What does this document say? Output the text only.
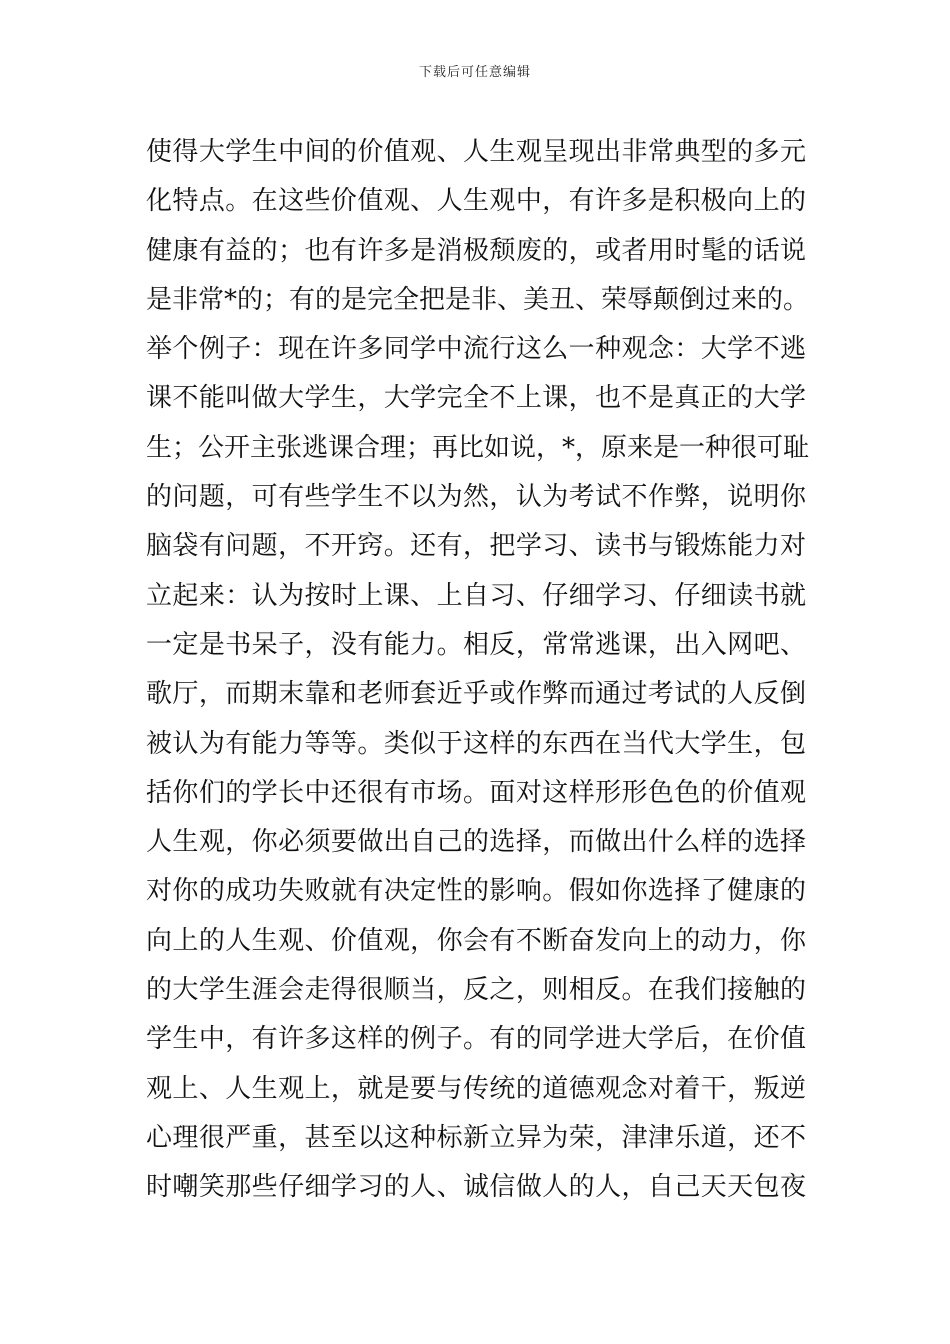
下载后可任意编辑
使得大学生中间的价值观、人生观呈现出非常典型的多元
化特点。在这些价值观、人生观中，有许多是积极向上的
健康有益的；也有许多是消极颓废的，或者用时髦的话说
是非常*的；有的是完全把是非、美丑、荣辱颠倒过来的。
举个例子：现在许多同学中流行这么一种观念：大学不逃
课不能叫做大学生，大学完全不上课，也不是真正的大学
生；公开主张逃课合理；再比如说，*，原来是一种很可耻
的问题，可有些学生不以为然，认为考试不作弊，说明你
脑袋有问题，不开窍。还有，把学习、读书与锻炼能力对
立起来：认为按时上课、上自习、仔细学习、仔细读书就
一定是书呆子，没有能力。相反，常常逃课，出入网吧、
歌厅，而期末靠和老师套近乎或作弊而通过考试的人反倒
被认为有能力等等。类似于这样的东西在当代大学生，包
括你们的学长中还很有市场。面对这样形形色色的价值观
人生观，你必须要做出自己的选择，而做出什么样的选择
对你的成功失败就有决定性的影响。假如你选择了健康的
向上的人生观、价值观，你会有不断奋发向上的动力，你
的大学生涯会走得很顺当，反之，则相反。在我们接触的
学生中，有许多这样的例子。有的同学进大学后，在价值
观上、人生观上，就是要与传统的道德观念对着干，叛逆
心理很严重，甚至以这种标新立异为荣，津津乐道，还不
时嘲笑那些仔细学习的人、诚信做人的人，自己天天包夜
